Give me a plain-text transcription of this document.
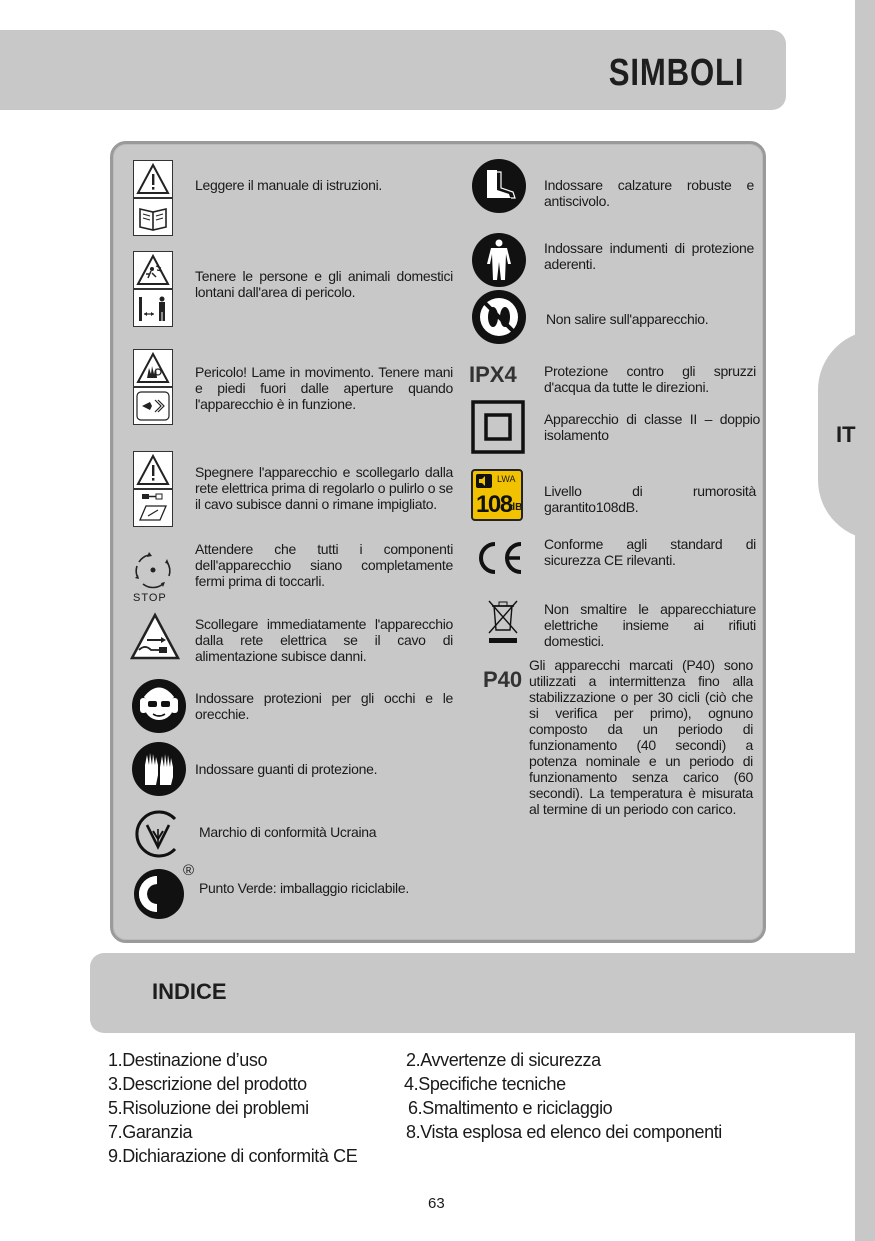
SIMBOLI
IT
Leggere il manuale di istruzioni.
Tenere le persone e gli animali domestici lontani dall'area di pericolo.
Pericolo! Lame in movimento. Tenere mani e piedi fuori dalle aperture quando l'apparecchio è in funzione.
Spegnere l'apparecchio e scollegarlo dalla rete elettrica prima di regolarlo o pulirlo o se il cavo subisce danni o rimane impigliato.
STOP
Attendere che tutti i componenti dell'apparecchio siano completamente fermi prima di toccarli.
Scollegare immediatamente l'apparecchio dalla rete elettrica se il cavo di alimentazione subisce danni.
Indossare protezioni per gli occhi e le orecchie.
Indossare guanti di protezione.
Marchio di conformità Ucraina
®
Punto Verde: imballaggio riciclabile.
Indossare calzature robuste e antiscivolo.
Indossare indumenti di protezione aderenti.
Non salire sull'apparecchio.
IPX4 Protezione contro gli spruzzi d'acqua da tutte le direzioni.
Apparecchio di classe II – doppio isolamento
LWA
108
dB
Livello di rumorosità garantito108dB.
Conforme agli standard di sicurezza CE rilevanti.
Non smaltire le apparecchiature elettriche insieme ai rifiuti domestici.
P40
Gli apparecchi marcati (P40) sono utilizzati a intermittenza fino alla stabilizzazione o per 30 cicli (ciò che si verifica per primo), ognuno composto da un periodo di funzionamento (40 secondi) a potenza nominale e un periodo di funzionamento senza carico (60 secondi). La temperatura è misurata al termine di un periodo con carico.
INDICE
1.Destinazione d’uso	2.Avvertenze di sicurezza
3.Descrizione del prodotto	4.Specifiche tecniche
5.Risoluzione dei problemi	6.Smaltimento e riciclaggio
7.Garanzia	8.Vista esplosa ed elenco dei componenti
9.Dichiarazione di conformità CE
63
